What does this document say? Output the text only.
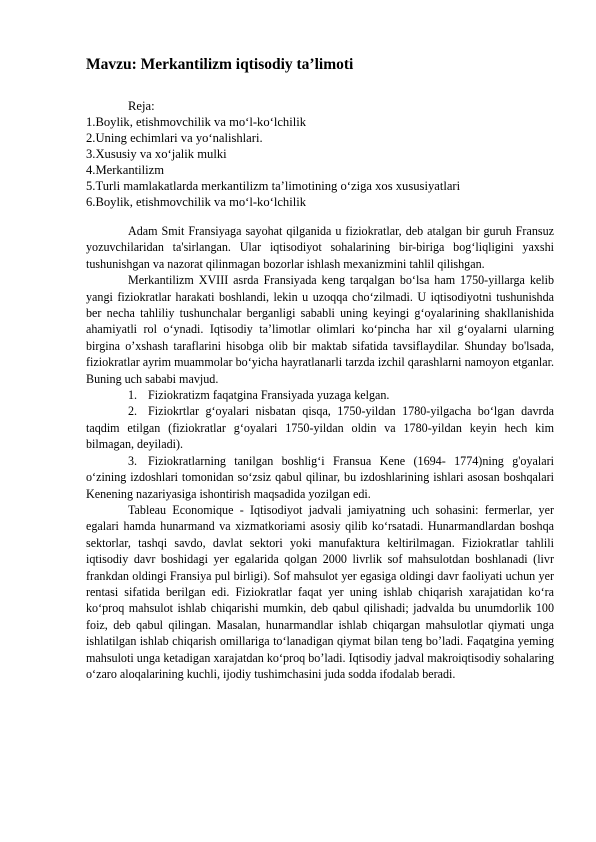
Mavzu: Merkantilizm iqtisodiy ta’limoti
Reja:
1.Boylik, etishmovchilik va mo‘l-ko‘lchilik
2.Uning echimlari va yo‘nalishlari.
3.Xususiy va xo‘jalik mulki
4.Merkantilizm
5.Turli mamlakatlarda merkantilizm ta’limotining o‘ziga xos xususiyatlari
6.Boylik, etishmovchilik va mo‘l-ko‘lchilik

Adam Smit Fransiyaga sayohat qilganida u fiziokratlar, deb atalgan bir guruh Fransuz yozuvchilaridan ta'sirlangan. Ular iqtisodiyot sohalarining bir-biriga bog‘liqligini yaxshi tushunishgan va nazorat qilinmagan bozorlar ishlash mexanizmini tahlil qilishgan.

Merkantilizm XVIII asrda Fransiyada keng tarqalgan bo‘lsa ham 1750-yillarga kelib yangi fiziokratlar harakati boshlandi, lekin u uzoqqa cho‘zilmadi. U iqtisodiyotni tushunishda ber necha tahliliy tushunchalar berganligi sababli uning keyingi g‘oyalarining shakllanishida ahamiyatli rol o‘ynadi. Iqtisodiy ta’limotlar olimlari ko‘pincha har xil g‘oyalarni ularning birgina o’xshash taraflarini hisobga olib bir maktab sifatida tavsiflaydilar. Shunday bo'lsada, fiziokratlar ayrim muammolar bo‘yicha hayratlanarli tarzda izchil qarashlarni namoyon etganlar. Buning uch sababi mavjud.

1. Fiziokratizm faqatgina Fransiyada yuzaga kelgan.

2. Fiziokrtlar g‘oyalari nisbatan qisqa, 1750-yildan 1780-yilgacha bo‘lgan davrda taqdim etilgan (fiziokratlar g‘oyalari 1750-yildan oldin va 1780-yildan keyin hech kim bilmagan, deyiladi).

3. Fiziokratlarning tanilgan boshlig‘i Fransua Kene (1694- 1774)ning g'oyalari o‘zining izdoshlari tomonidan so‘zsiz qabul qilinar, bu izdoshlarining ishlari asosan boshqalari Kenening nazariyasiga ishontirish maqsadida yozilgan edi.

Tableau Economique - Iqtisodiyot jadvali jamiyatning uch sohasini: fermerlar, yer egalari hamda hunarmand va xizmatkoriami asosiy qilib ko‘rsatadi. Hunarmandlardan boshqa sektorlar, tashqi savdo, davlat sektori yoki manufaktura keltirilmagan. Fiziokratlar tahlili iqtisodiy davr boshidagi yer egalarida qolgan 2000 livrlik sof mahsulotdan boshlanadi (livr frankdan oldingi Fransiya pul birligi). Sof mahsulot yer egasiga oldingi davr faoliyati uchun yer rentasi sifatida berilgan edi. Fiziokratlar faqat yer uning ishlab chiqarish xarajatidan ko‘ra ko‘proq mahsulot ishlab chiqarishi mumkin, deb qabul qilishadi; jadvalda bu unumdorlik 100 foiz, deb qabul qilingan. Masalan, hunarmandlar ishlab chiqargan mahsulotlar qiymati unga ishlatilgan ishlab chiqarish omillariga to‘lanadigan qiymat bilan teng bo’ladi. Faqatgina yeming mahsuloti unga ketadigan xarajatdan ko‘proq bo’ladi. Iqtisodiy jadval makroiqtisodiy sohalaring o‘zaro aloqalarining kuchli, ijodiy tushimchasini juda sodda ifodalab beradi.
